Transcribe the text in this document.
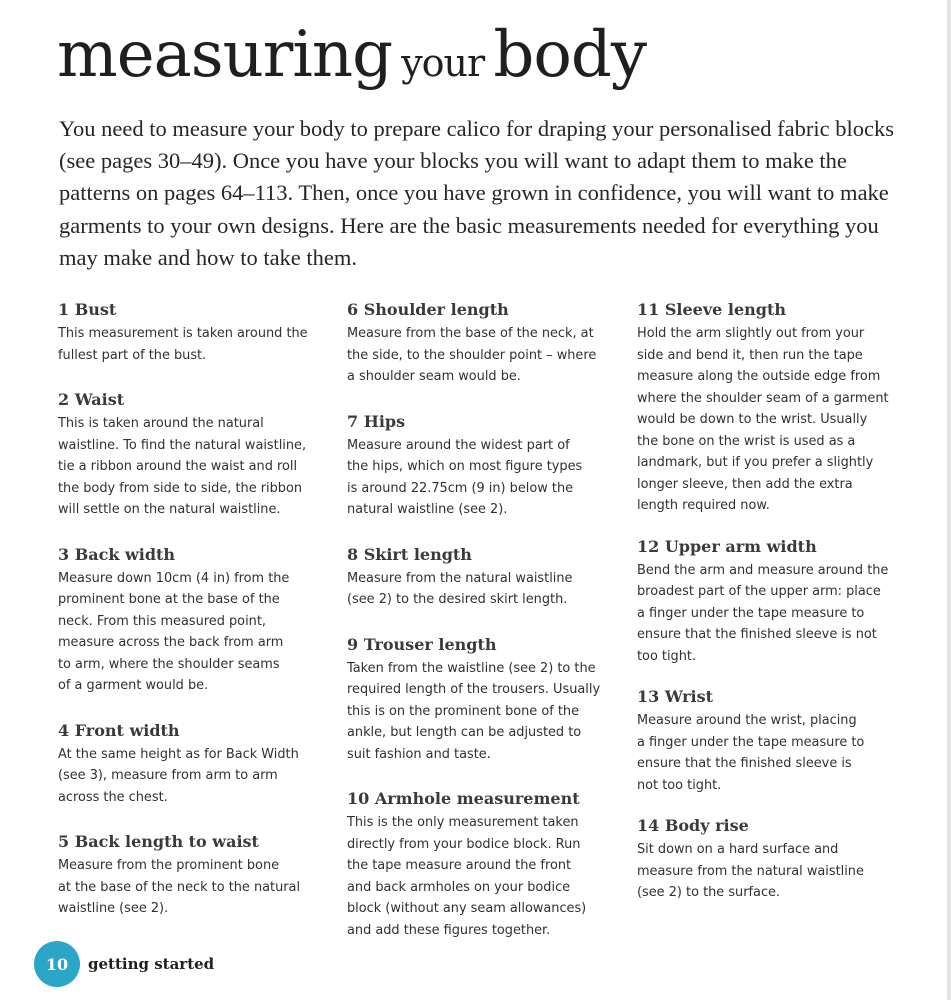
measuring your body

You need to measure your body to prepare calico for draping your personalised fabric blocks (see pages 30–49). Once you have your blocks you will want to adapt them to make the patterns on pages 64–113. Then, once you have grown in confidence, you will want to make garments to your own designs. Here are the basic measurements needed for everything you may make and how to take them.

1 Bust

This measurement is taken around the
fullest part of the bust.

2 Waist

This is taken around the natural
waistline. To find the natural waistline,
tie a ribbon around the waist and roll
the body from side to side, the ribbon
will settle on the natural waistline.

3 Back width

Measure down 10cm (4 in) from the
prominent bone at the base of the
neck. From this measured point,
measure across the back from arm
to arm, where the shoulder seams
of a garment would be.

4 Front width

At the same height as for Back Width
(see 3), measure from arm to arm
across the chest.

5 Back length to waist

Measure from the prominent bone
at the base of the neck to the natural
waistline (see 2).

6 Shoulder length

Measure from the base of the neck, at
the side, to the shoulder point – where
a shoulder seam would be.

7 Hips

Measure around the widest part of
the hips, which on most figure types
is around 22.75cm (9 in) below the
natural waistline (see 2).

8 Skirt length

Measure from the natural waistline
(see 2) to the desired skirt length.

9 Trouser length

Taken from the waistline (see 2) to the
required length of the trousers. Usually
this is on the prominent bone of the
ankle, but length can be adjusted to
suit fashion and taste.

10 Armhole measurement

This is the only measurement taken
directly from your bodice block. Run
the tape measure around the front
and back armholes on your bodice
block (without any seam allowances)
and add these figures together.

11 Sleeve length

Hold the arm slightly out from your
side and bend it, then run the tape
measure along the outside edge from
where the shoulder seam of a garment
would be down to the wrist. Usually
the bone on the wrist is used as a
landmark, but if you prefer a slightly
longer sleeve, then add the extra
length required now.

12 Upper arm width

Bend the arm and measure around the
broadest part of the upper arm: place
a finger under the tape measure to
ensure that the finished sleeve is not
too tight.

13 Wrist

Measure around the wrist, placing
a finger under the tape measure to
ensure that the finished sleeve is
not too tight.

14 Body rise

Sit down on a hard surface and
measure from the natural waistline
(see 2) to the surface.

10	getting started
